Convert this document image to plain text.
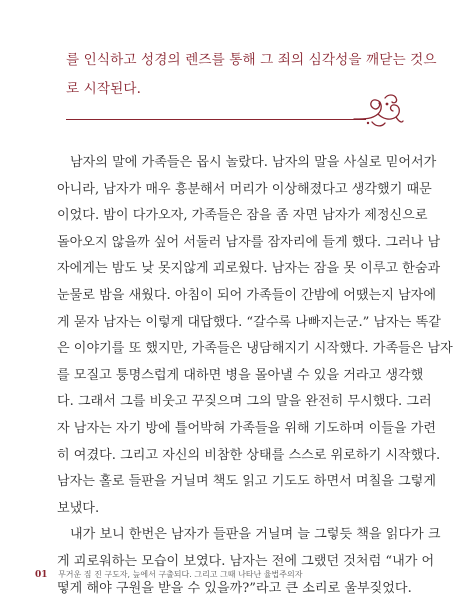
를 인식하고 성경의 렌즈를 통해 그 죄의 심각성을 깨닫는 것으

로 시작된다.

남자의 말에 가족들은 몹시 놀랐다. 남자의 말을 사실로 믿어서가
아니라, 남자가 매우 흥분해서 머리가 이상해졌다고 생각했기 때문
이었다. 밤이 다가오자, 가족들은 잠을 좀 자면 남자가 제정신으로
돌아오지 않을까 싶어 서둘러 남자를 잠자리에 들게 했다. 그러나 남
자에게는 밤도 낮 못지않게 괴로웠다. 남자는 잠을 못 이루고 한숨과
눈물로 밤을 새웠다. 아침이 되어 가족들이 간밤에 어땠는지 남자에
게 묻자 남자는 이렇게 대답했다. “갈수록 나빠지는군.” 남자는 똑같
은 이야기를 또 했지만, 가족들은 냉담해지기 시작했다. 가족들은 남자
를 모질고 퉁명스럽게 대하면 병을 몰아낼 수 있을 거라고 생각했
다. 그래서 그를 비웃고 꾸짖으며 그의 말을 완전히 무시했다. 그러
자 남자는 자기 방에 틀어박혀 가족들을 위해 기도하며 이들을 가련
히 여겼다. 그리고 자신의 비참한 상태를 스스로 위로하기 시작했다.
남자는 홀로 들판을 거닐며 책도 읽고 기도도 하면서 며칠을 그렇게
보냈다.

내가 보니 한번은 남자가 들판을 거닐며 늘 그렇듯 책을 읽다가 크
게 괴로워하는 모습이 보였다. 남자는 전에 그랬던 것처럼 “내가 어
떻게 해야 구원을 받을 수 있을까?”라고 큰 소리로 울부짖었다.

01 무거운 짐 진 구도자, 늪에서 구출되다. 그리고 그때 나타난 율법주의자
